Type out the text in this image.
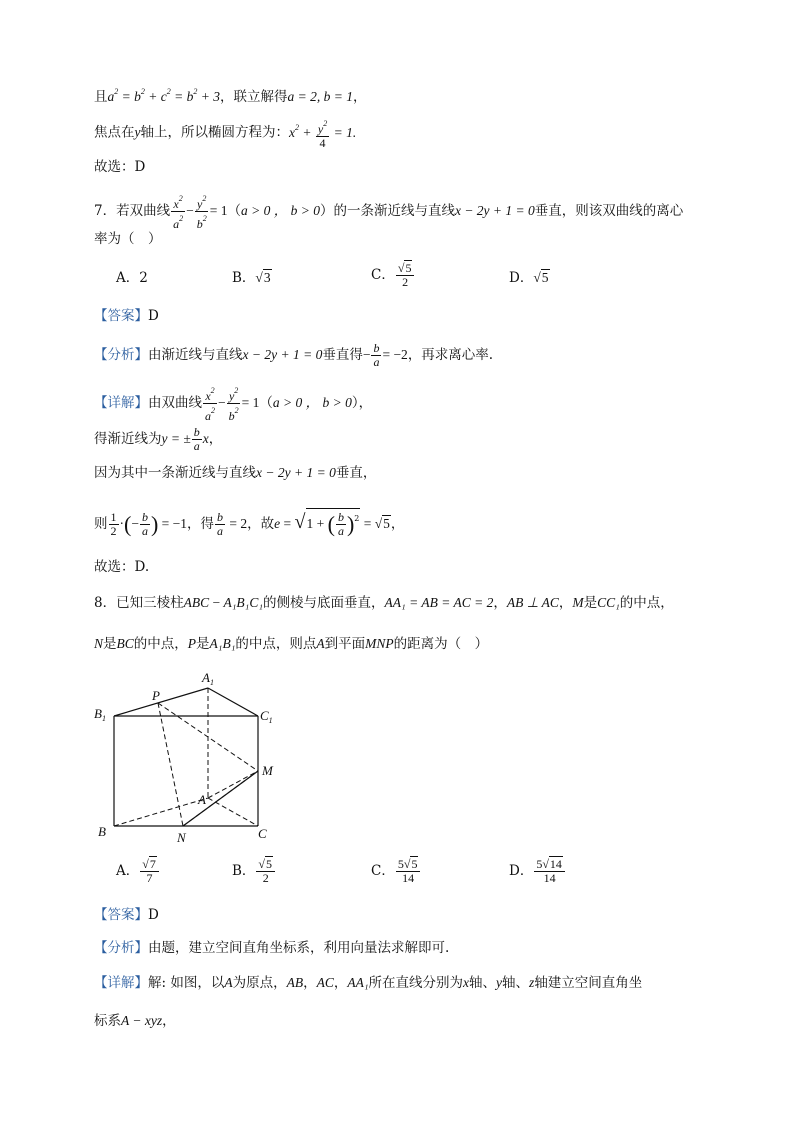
且$a^2 = b^2 + c^2 = b^2 + 3$，联立解得a = 2, b = 1，
焦点在y轴上，所以椭圆方程为：$x^2 + \frac{y^2}{4} = 1$.
故选：D
7．若双曲线 $\frac{x^2}{a^2} - \frac{y^2}{b^2} = 1(a > 0$ ， b > 0）的一条渐近线与直线x − 2y + 1 = 0垂直，则该双曲线的离心
率为（　）
A．2	B．√3	C． $\frac{√5}{2}$	D．√5
【答案】D
【分析】由渐近线与直线x − 2y + 1 = 0垂直得− $\frac{b}{a} = -2$，再求离心率.
【详解】由双曲线 $\frac{x^2}{a^2} - \frac{y^2}{b^2} = 1(a > 0$ ， b > 0），
得渐近线为y = ± $\frac{b}{a}$ x，
因为其中一条渐近线与直线x − 2y + 1 = 0垂直，
则 $\frac{1}{2}$ ·(− $\frac{b}{a}$ ) = −1，得 $\frac{b}{a} = 2$，故e = √1 + ( $\frac{b}{a} )^2 = √5$，
故选：D.
8．已知三棱柱ABC − A₁B₁C₁的侧棱与底面垂直，AA₁ = AB = AC = 2，AB ⊥ AC，M是CC₁的中点，
N是BC的中点，P是A₁B₁的中点，则点A到平面MNP的距离为（　）
$A_1$
$B_1$	$C_1$
P
M
A
B	N	C
A． $\frac{√7}{7}$	B． $\frac{√5}{2}$	C． $\frac{5√5}{14}$	D． $\frac{5√14}{14}$
【答案】D
【分析】由题，建立空间直角坐标系，利用向量法求解即可.
【详解】解: 如图，以A为原点，AB，AC，AA₁所在直线分别为x轴、y轴、z轴建立空间直角坐
标系A − xyz，
